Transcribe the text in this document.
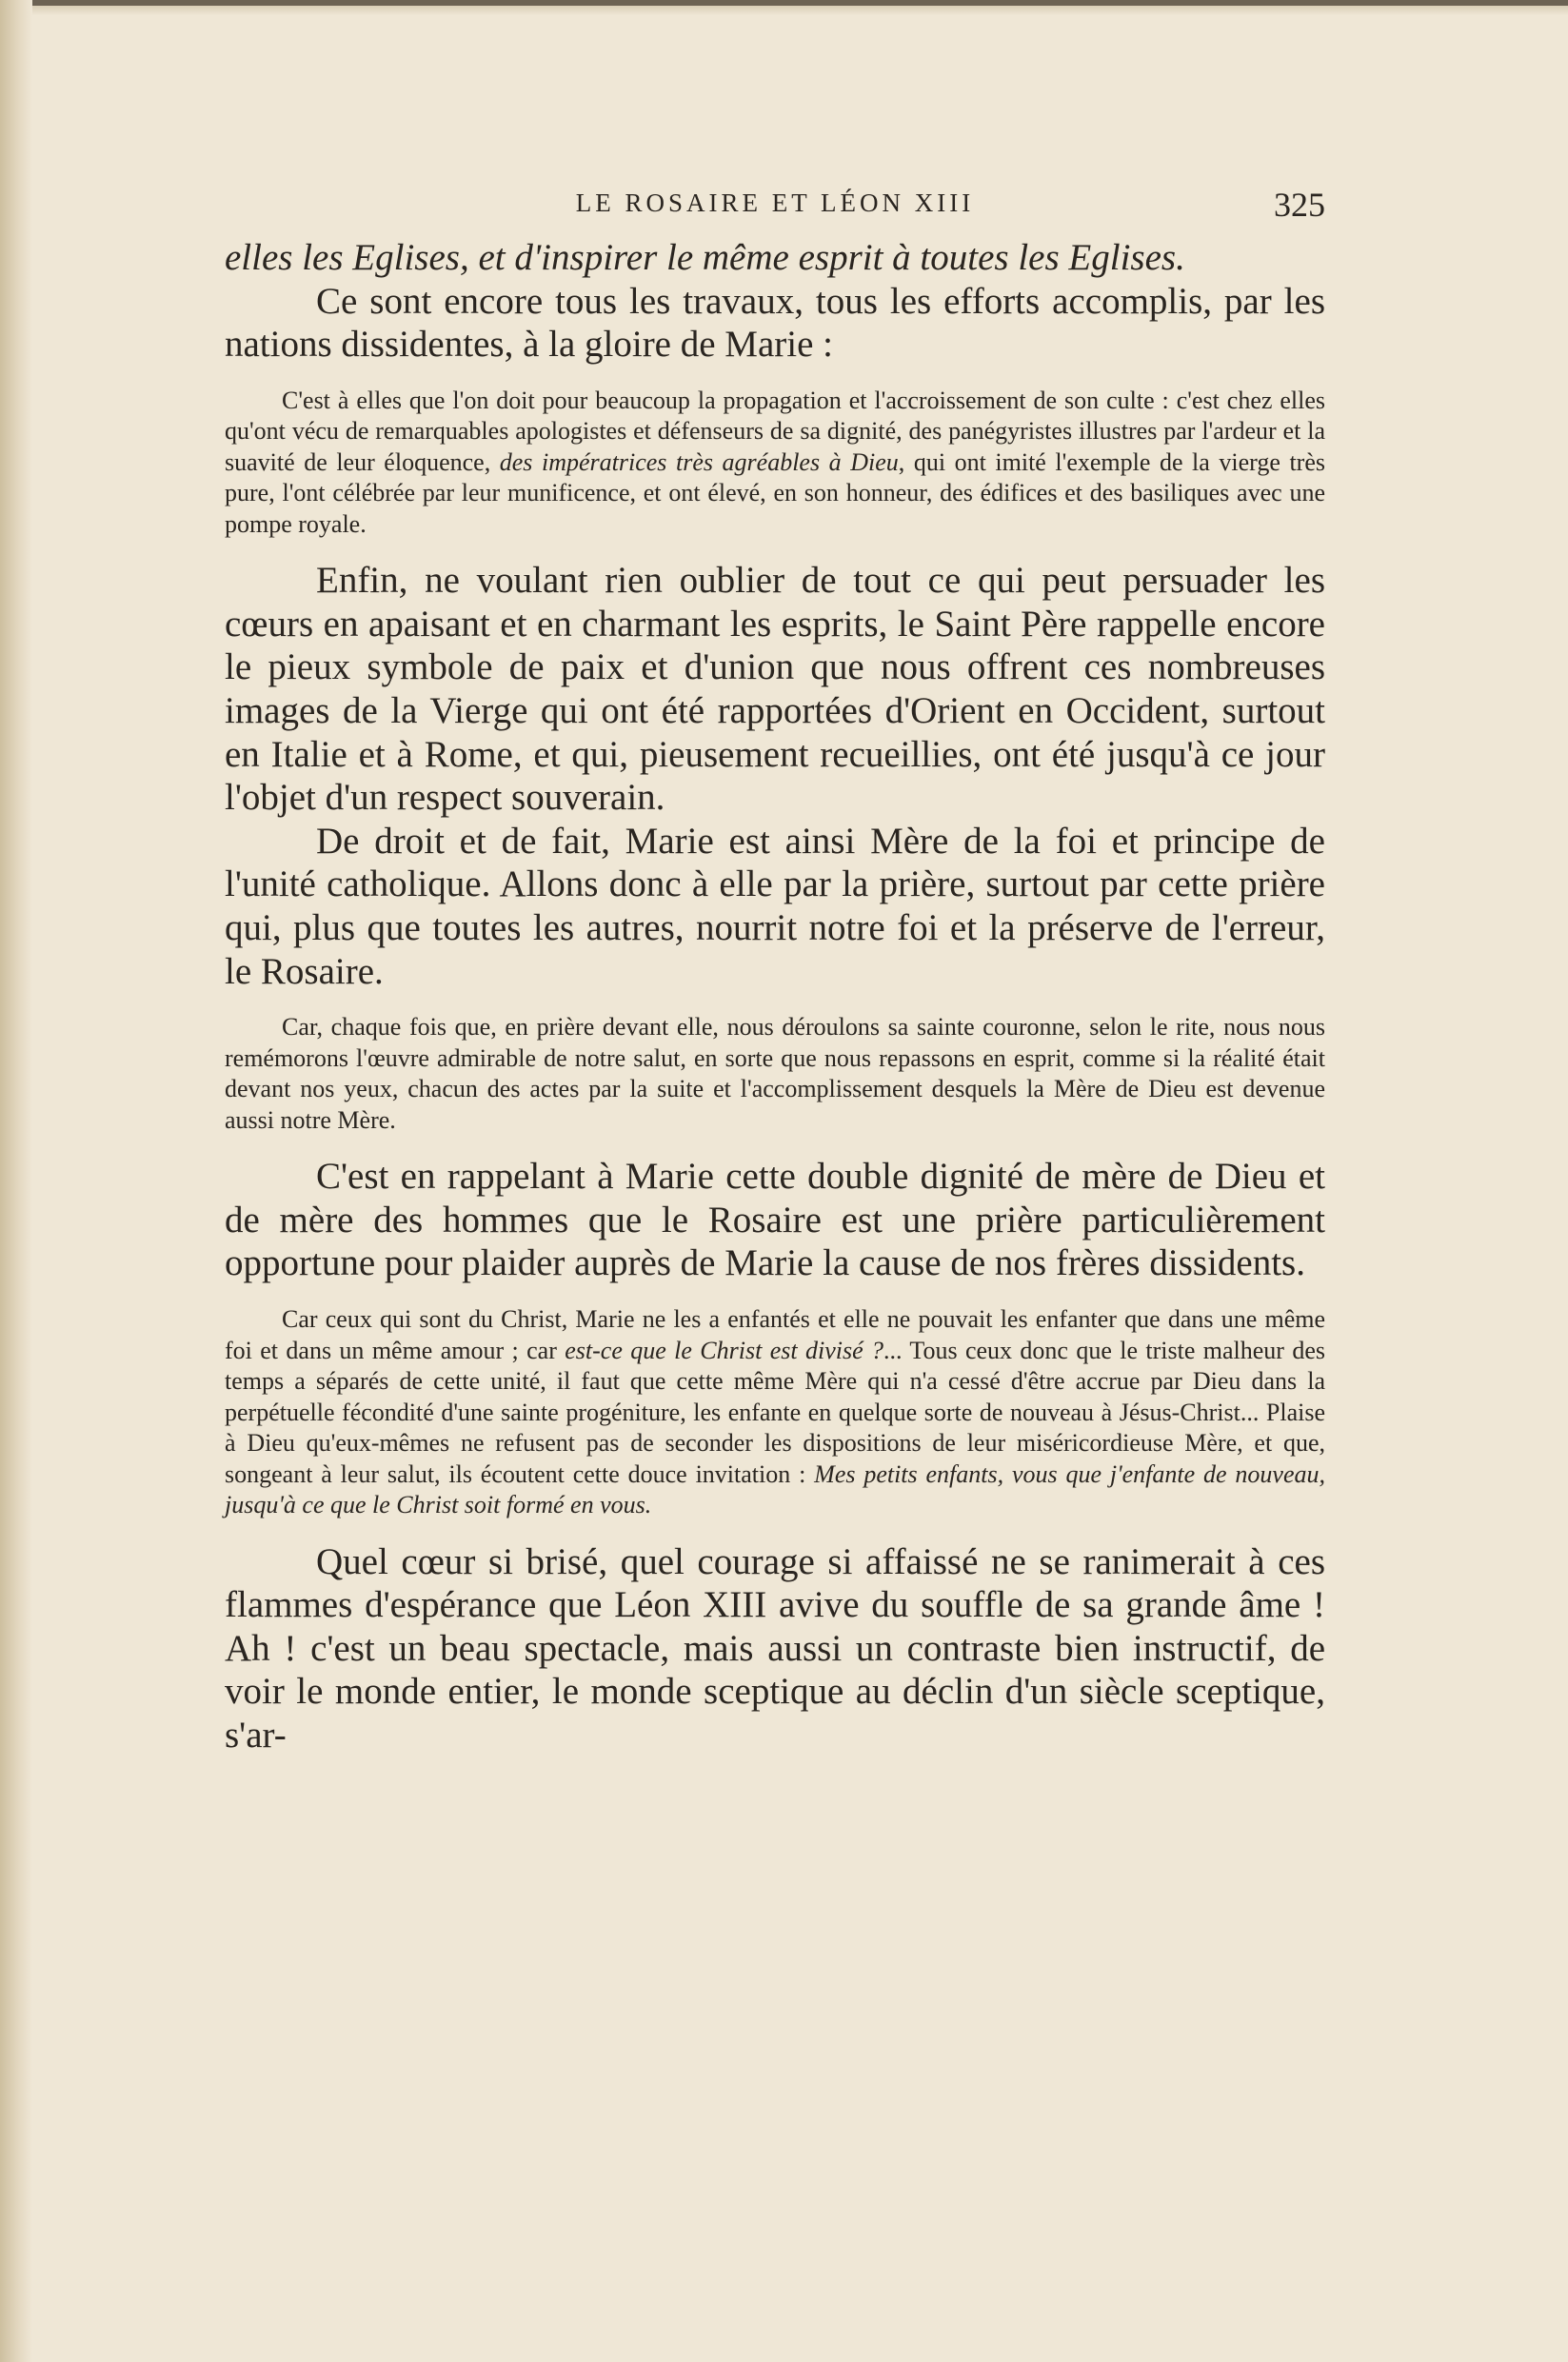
LE ROSAIRE ET LÉON XIII	325

elles les Eglises, et d'inspirer le même esprit à toutes les Eglises.

Ce sont encore tous les travaux, tous les efforts accomplis, par les nations dissidentes, à la gloire de Marie :

C'est à elles que l'on doit pour beaucoup la propagation et l'accroissement de son culte : c'est chez elles qu'ont vécu de remarquables apologistes et défenseurs de sa dignité, des panégyristes illustres par l'ardeur et la suavité de leur éloquence, des impératrices très agréables à Dieu, qui ont imité l'exemple de la vierge très pure, l'ont célébrée par leur munificence, et ont élevé, en son honneur, des édifices et des basiliques avec une pompe royale.

Enfin, ne voulant rien oublier de tout ce qui peut persuader les cœurs en apaisant et en charmant les esprits, le Saint Père rappelle encore le pieux symbole de paix et d'union que nous offrent ces nombreuses images de la Vierge qui ont été rapportées d'Orient en Occident, surtout en Italie et à Rome, et qui, pieusement recueillies, ont été jusqu'à ce jour l'objet d'un respect souverain.

De droit et de fait, Marie est ainsi Mère de la foi et principe de l'unité catholique. Allons donc à elle par la prière, surtout par cette prière qui, plus que toutes les autres, nourrit notre foi et la préserve de l'erreur, le Rosaire.

Car, chaque fois que, en prière devant elle, nous déroulons sa sainte couronne, selon le rite, nous nous remémorons l'œuvre admirable de notre salut, en sorte que nous repassons en esprit, comme si la réalité était devant nos yeux, chacun des actes par la suite et l'accomplissement desquels la Mère de Dieu est devenue aussi notre Mère.

C'est en rappelant à Marie cette double dignité de mère de Dieu et de mère des hommes que le Rosaire est une prière particulièrement opportune pour plaider auprès de Marie la cause de nos frères dissidents.

Car ceux qui sont du Christ, Marie ne les a enfantés et elle ne pouvait les enfanter que dans une même foi et dans un même amour ; car est-ce que le Christ est divisé ?... Tous ceux donc que le triste malheur des temps a séparés de cette unité, il faut que cette même Mère qui n'a cessé d'être accrue par Dieu dans la perpétuelle fécondité d'une sainte progéniture, les enfante en quelque sorte de nouveau à Jésus-Christ... Plaise à Dieu qu'eux-mêmes ne refusent pas de seconder les dispositions de leur miséricordieuse Mère, et que, songeant à leur salut, ils écoutent cette douce invitation : Mes petits enfants, vous que j'enfante de nouveau, jusqu'à ce que le Christ soit formé en vous.

Quel cœur si brisé, quel courage si affaissé ne se ranimerait à ces flammes d'espérance que Léon XIII avive du souffle de sa grande âme ! Ah ! c'est un beau spectacle, mais aussi un contraste bien instructif, de voir le monde entier, le monde sceptique au déclin d'un siècle sceptique, s'ar-
